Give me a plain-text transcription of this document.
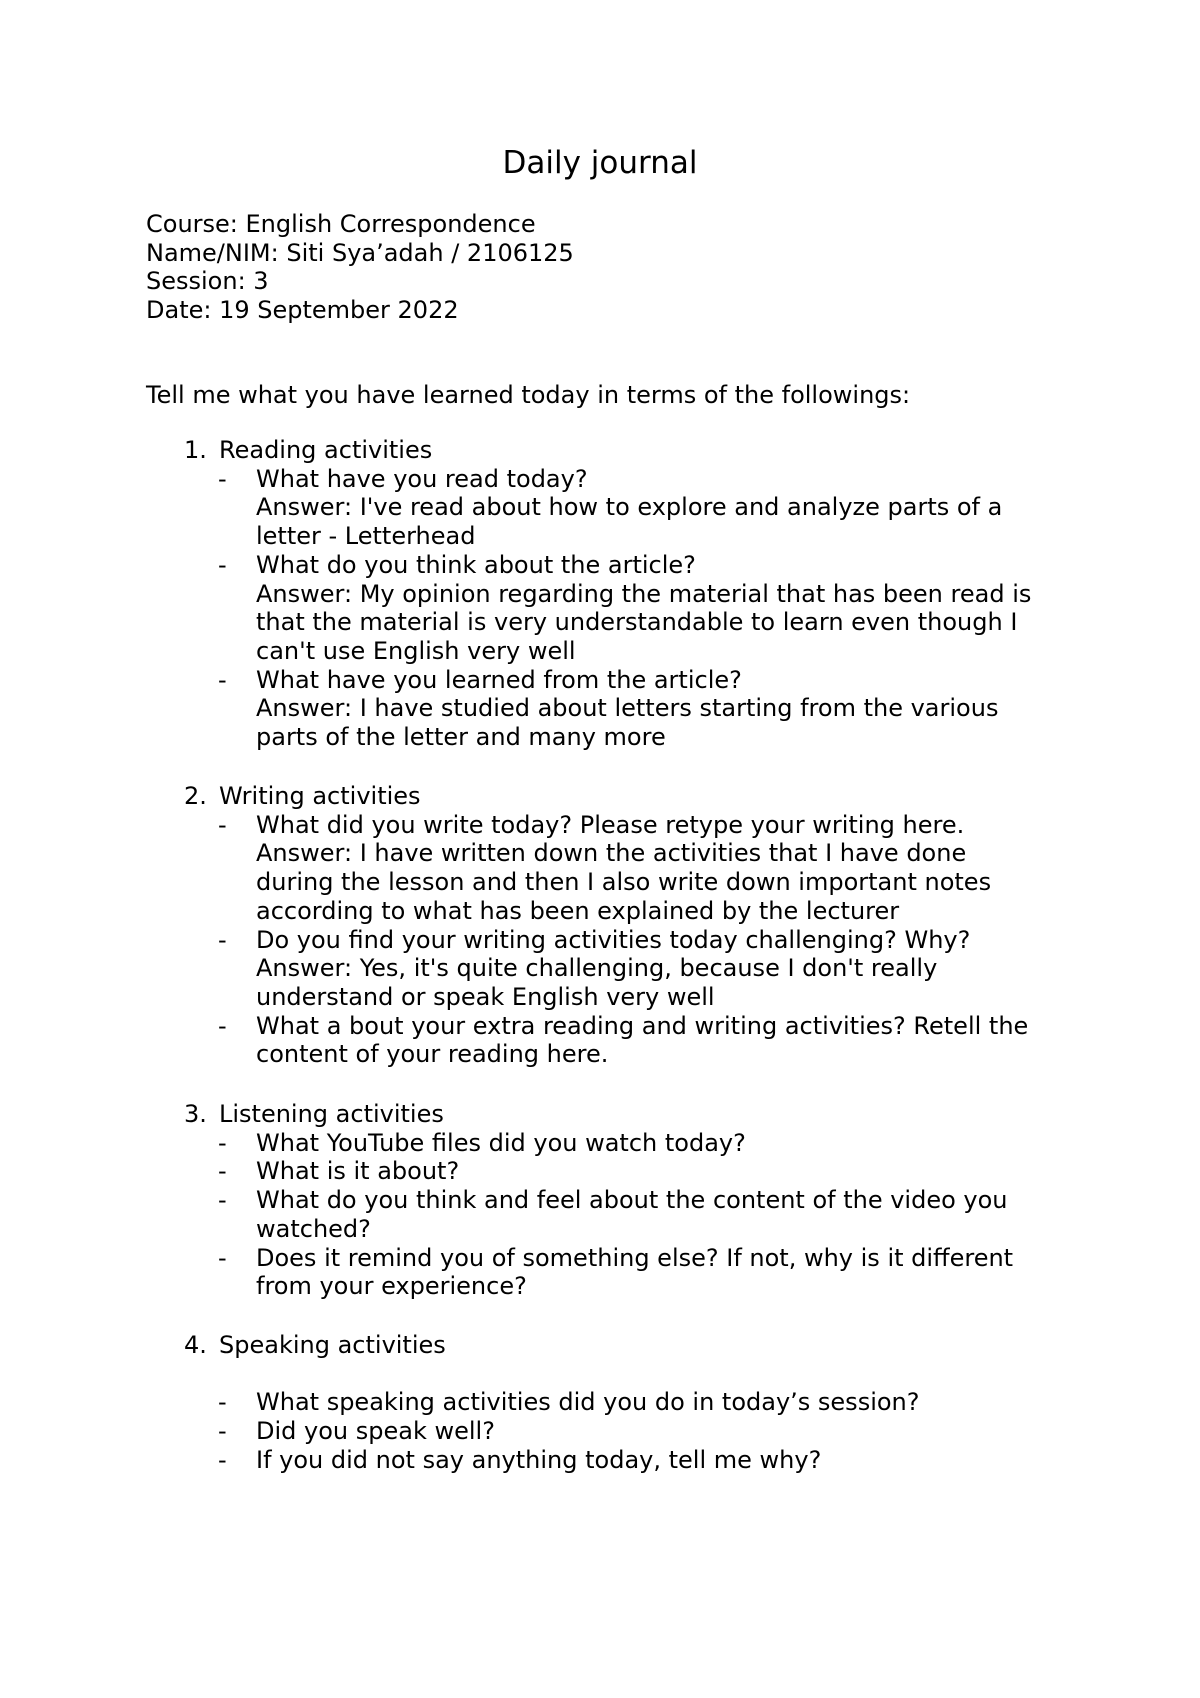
Daily journal
Course: English Correspondence
Name/NIM: Siti Sya’adah / 2106125
Session: 3
Date: 19 September 2022
Tell me what you have learned today in terms of the followings:
1. Reading activities
- What have you read today?
Answer: I've read about how to explore and analyze parts of a
letter - Letterhead
- What do you think about the article?
Answer: My opinion regarding the material that has been read is
that the material is very understandable to learn even though I
can't use English very well
- What have you learned from the article?
Answer: I have studied about letters starting from the various
parts of the letter and many more
2. Writing activities
- What did you write today? Please retype your writing here.
Answer: I have written down the activities that I have done
during the lesson and then I also write down important notes
according to what has been explained by the lecturer
- Do you find your writing activities today challenging? Why?
Answer: Yes, it's quite challenging, because I don't really
understand or speak English very well
- What a bout your extra reading and writing activities? Retell the
content of your reading here.
3. Listening activities
- What YouTube files did you watch today?
- What is it about?
- What do you think and feel about the content of the video you
watched?
- Does it remind you of something else? If not, why is it different
from your experience?
4. Speaking activities
- What speaking activities did you do in today’s session?
- Did you speak well?
- If you did not say anything today, tell me why?
